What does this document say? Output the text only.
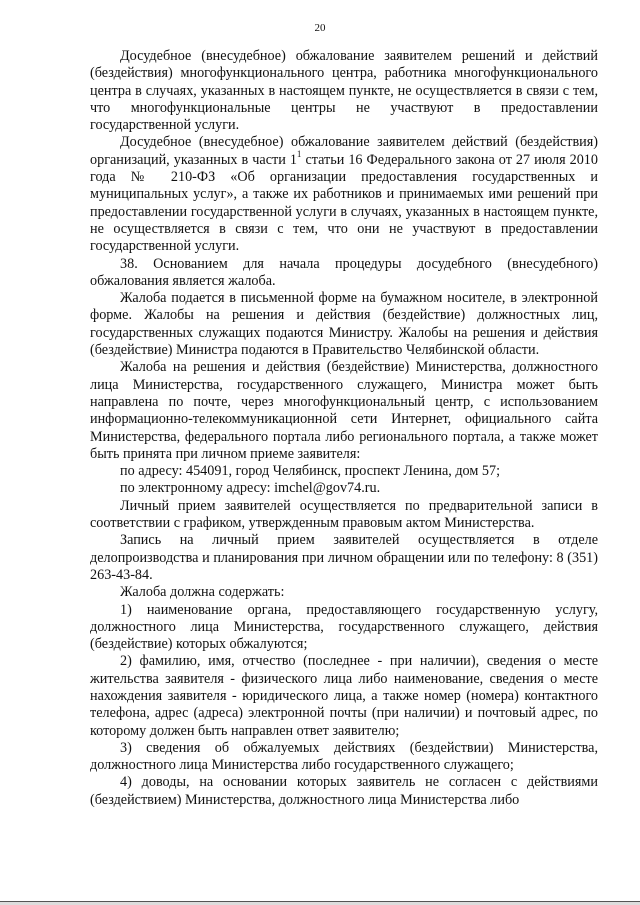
20

Досудебное (внесудебное) обжалование заявителем решений и действий (бездействия) многофункционального центра, работника многофункционального центра в случаях, указанных в настоящем пункте, не осуществляется в связи с тем, что многофункциональные центры не участвуют в предоставлении государственной услуги.

Досудебное (внесудебное) обжалование заявителем действий (бездействия) организаций, указанных в части $1^1$ статьи 16 Федерального закона от 27 июля 2010 года № 210-ФЗ «Об организации предоставления государственных и муниципальных услуг», а также их работников и принимаемых ими решений при предоставлении государственной услуги в случаях, указанных в настоящем пункте, не осуществляется в связи с тем, что они не участвуют в предоставлении государственной услуги.

38. Основанием для начала процедуры досудебного (внесудебного) обжалования является жалоба.

Жалоба подается в письменной форме на бумажном носителе, в электронной форме. Жалобы на решения и действия (бездействие) должностных лиц, государственных служащих подаются Министру. Жалобы на решения и действия (бездействие) Министра подаются в Правительство Челябинской области.

Жалоба на решения и действия (бездействие) Министерства, должностного лица Министерства, государственного служащего, Министра может быть направлена по почте, через многофункциональный центр, с использованием информационно-телекоммуникационной сети Интернет, официального сайта Министерства, федерального портала либо регионального портала, а также может быть принята при личном приеме заявителя:

по адресу: 454091, город Челябинск, проспект Ленина, дом 57;

по электронному адресу: imchel@gov74.ru.

Личный прием заявителей осуществляется по предварительной записи в соответствии с графиком, утвержденным правовым актом Министерства.

Запись на личный прием заявителей осуществляется в отделе делопроизводства и планирования при личном обращении или по телефону: 8 (351) 263-43-84.

Жалоба должна содержать:

1) наименование органа, предоставляющего государственную услугу, должностного лица Министерства, государственного служащего, действия (бездействие) которых обжалуются;

2) фамилию, имя, отчество (последнее - при наличии), сведения о месте жительства заявителя - физического лица либо наименование, сведения о месте нахождения заявителя - юридического лица, а также номер (номера) контактного телефона, адрес (адреса) электронной почты (при наличии) и почтовый адрес, по которому должен быть направлен ответ заявителю;

3) сведения об обжалуемых действиях (бездействии) Министерства, должностного лица Министерства либо государственного служащего;

4) доводы, на основании которых заявитель не согласен с действиями (бездействием) Министерства, должностного лица Министерства либо
